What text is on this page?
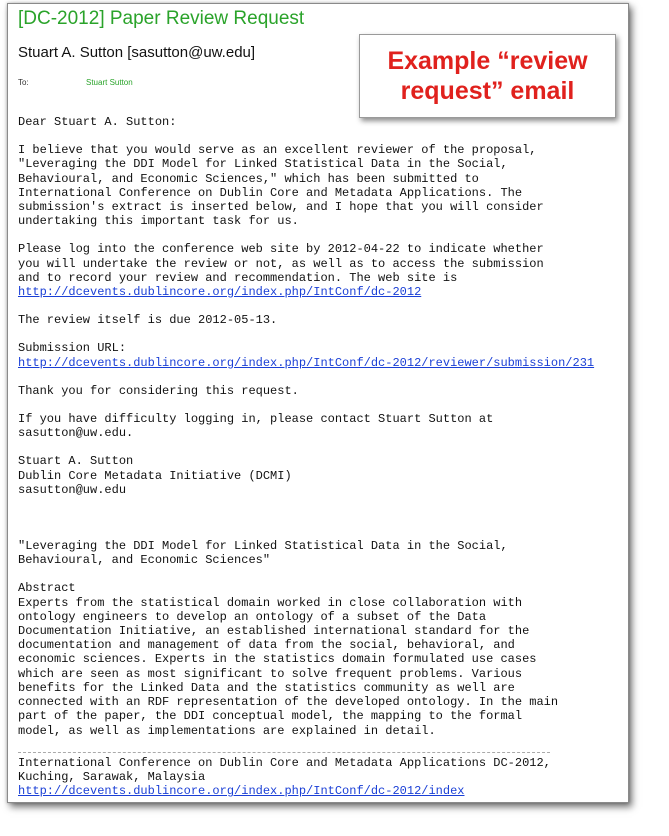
[DC-2012] Paper Review Request
Stuart A. Sutton [sasutton@uw.edu]
To:	Stuart Sutton
Example “review
request” email

Dear Stuart A. Sutton:

I believe that you would serve as an excellent reviewer of the proposal,
"Leveraging the DDI Model for Linked Statistical Data in the Social,
Behavioural, and Economic Sciences," which has been submitted to
International Conference on Dublin Core and Metadata Applications. The
submission's extract is inserted below, and I hope that you will consider
undertaking this important task for us.

Please log into the conference web site by 2012-04-22 to indicate whether
you will undertake the review or not, as well as to access the submission
and to record your review and recommendation. The web site is
http://dcevents.dublincore.org/index.php/IntConf/dc-2012

The review itself is due 2012-05-13.

Submission URL:
http://dcevents.dublincore.org/index.php/IntConf/dc-2012/reviewer/submission/231

Thank you for considering this request.

If you have difficulty logging in, please contact Stuart Sutton at
sasutton@uw.edu.

Stuart A. Sutton
Dublin Core Metadata Initiative (DCMI)
sasutton@uw.edu

"Leveraging the DDI Model for Linked Statistical Data in the Social,
Behavioural, and Economic Sciences"

Abstract
Experts from the statistical domain worked in close collaboration with
ontology engineers to develop an ontology of a subset of the Data
Documentation Initiative, an established international standard for the
documentation and management of data from the social, behavioral, and
economic sciences. Experts in the statistics domain formulated use cases
which are seen as most significant to solve frequent problems. Various
benefits for the Linked Data and the statistics community as well are
connected with an RDF representation of the developed ontology. In the main
part of the paper, the DDI conceptual model, the mapping to the formal
model, as well as implementations are explained in detail.

International Conference on Dublin Core and Metadata Applications DC-2012,
Kuching, Sarawak, Malaysia
http://dcevents.dublincore.org/index.php/IntConf/dc-2012/index
